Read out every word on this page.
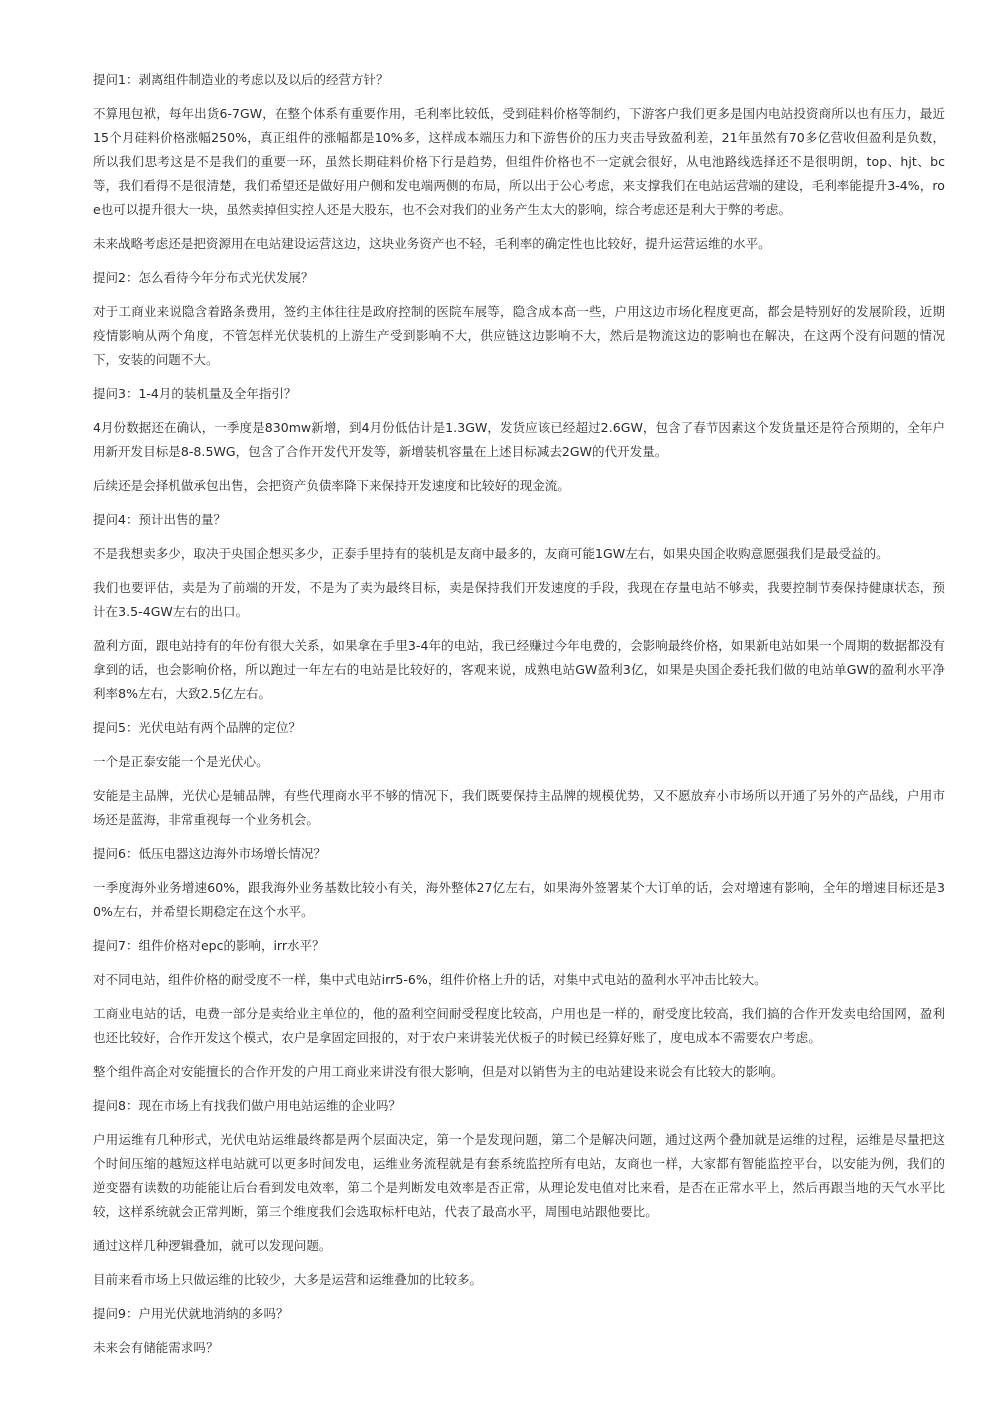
提问1：剥离组件制造业的考虑以及以后的经营方针？

不算甩包袱，每年出货6-7GW，在整个体系有重要作用，毛利率比较低，受到硅料价格等制约，下游客户我们更多是国内电站投资商所以也有压力，最近15个月硅料价格涨幅250%，真正组件的涨幅都是10%多，这样成本端压力和下游售价的压力夹击导致盈利差，21年虽然有70多亿营收但盈利是负数，所以我们思考这是不是我们的重要一环，虽然长期硅料价格下行是趋势，但组件价格也不一定就会很好，从电池路线选择还不是很明朗，top、hjt、bc等，我们看得不是很清楚，我们希望还是做好用户侧和发电端两侧的布局，所以出于公心考虑，来支撑我们在电站运营端的建设，毛利率能提升3-4%，roe也可以提升很大一块，虽然卖掉但实控人还是大股东，也不会对我们的业务产生太大的影响，综合考虑还是利大于弊的考虑。

未来战略考虑还是把资源用在电站建设运营这边，这块业务资产也不轻，毛利率的确定性也比较好，提升运营运维的水平。

提问2：怎么看待今年分布式光伏发展？

对于工商业来说隐含着路条费用，签约主体往往是政府控制的医院车展等，隐含成本高一些，户用这边市场化程度更高，都会是特别好的发展阶段，近期疫情影响从两个角度，不管怎样光伏装机的上游生产受到影响不大，供应链这边影响不大，然后是物流这边的影响也在解决，在这两个没有问题的情况下，安装的问题不大。

提问3：1-4月的装机量及全年指引？

4月份数据还在确认，一季度是830mw新增，到4月份低估计是1.3GW，发货应该已经超过2.6GW，包含了春节因素这个发货量还是符合预期的，全年户用新开发目标是8-8.5WG，包含了合作开发代开发等，新增装机容量在上述目标减去2GW的代开发量。

后续还是会择机做承包出售，会把资产负债率降下来保持开发速度和比较好的现金流。

提问4：预计出售的量？

不是我想卖多少，取决于央国企想买多少，正泰手里持有的装机是友商中最多的，友商可能1GW左右，如果央国企收购意愿强我们是最受益的。

我们也要评估，卖是为了前端的开发，不是为了卖为最终目标，卖是保持我们开发速度的手段，我现在存量电站不够卖，我要控制节奏保持健康状态，预计在3.5-4GW左右的出口。

盈利方面，跟电站持有的年份有很大关系，如果拿在手里3-4年的电站，我已经赚过今年电费的，会影响最终价格，如果新电站如果一个周期的数据都没有拿到的话，也会影响价格，所以跑过一年左右的电站是比较好的，客观来说，成熟电站GW盈利3亿，如果是央国企委托我们做的电站单GW的盈利水平净利率8%左右，大致2.5亿左右。

提问5：光伏电站有两个品牌的定位？

一个是正泰安能一个是光伏心。

安能是主品牌，光伏心是辅品牌，有些代理商水平不够的情况下，我们既要保持主品牌的规模优势，又不愿放弃小市场所以开通了另外的产品线，户用市场还是蓝海，非常重视每一个业务机会。

提问6：低压电器这边海外市场增长情况？

一季度海外业务增速60%，跟我海外业务基数比较小有关，海外整体27亿左右，如果海外签署某个大订单的话，会对增速有影响，全年的增速目标还是30%左右，并希望长期稳定在这个水平。

提问7：组件价格对epc的影响，irr水平？

对不同电站，组件价格的耐受度不一样，集中式电站irr5-6%，组件价格上升的话，对集中式电站的盈利水平冲击比较大。

工商业电站的话，电费一部分是卖给业主单位的，他的盈利空间耐受程度比较高，户用也是一样的，耐受度比较高，我们搞的合作开发卖电给国网，盈利也还比较好，合作开发这个模式，农户是拿固定回报的，对于农户来讲装光伏板子的时候已经算好账了，度电成本不需要农户考虑。

整个组件高企对安能擅长的合作开发的户用工商业来讲没有很大影响，但是对以销售为主的电站建设来说会有比较大的影响。

提问8：现在市场上有找我们做户用电站运维的企业吗？

户用运维有几种形式，光伏电站运维最终都是两个层面决定，第一个是发现问题，第二个是解决问题，通过这两个叠加就是运维的过程，运维是尽量把这个时间压缩的越短这样电站就可以更多时间发电，运维业务流程就是有套系统监控所有电站，友商也一样，大家都有智能监控平台，以安能为例，我们的逆变器有读数的功能能让后台看到发电效率，第二个是判断发电效率是否正常，从理论发电值对比来看，是否在正常水平上，然后再跟当地的天气水平比较，这样系统就会正常判断，第三个维度我们会选取标杆电站，代表了最高水平，周围电站跟他要比。

通过这样几种逻辑叠加，就可以发现问题。

目前来看市场上只做运维的比较少，大多是运营和运维叠加的比较多。

提问9：户用光伏就地消纳的多吗？

未来会有储能需求吗？
